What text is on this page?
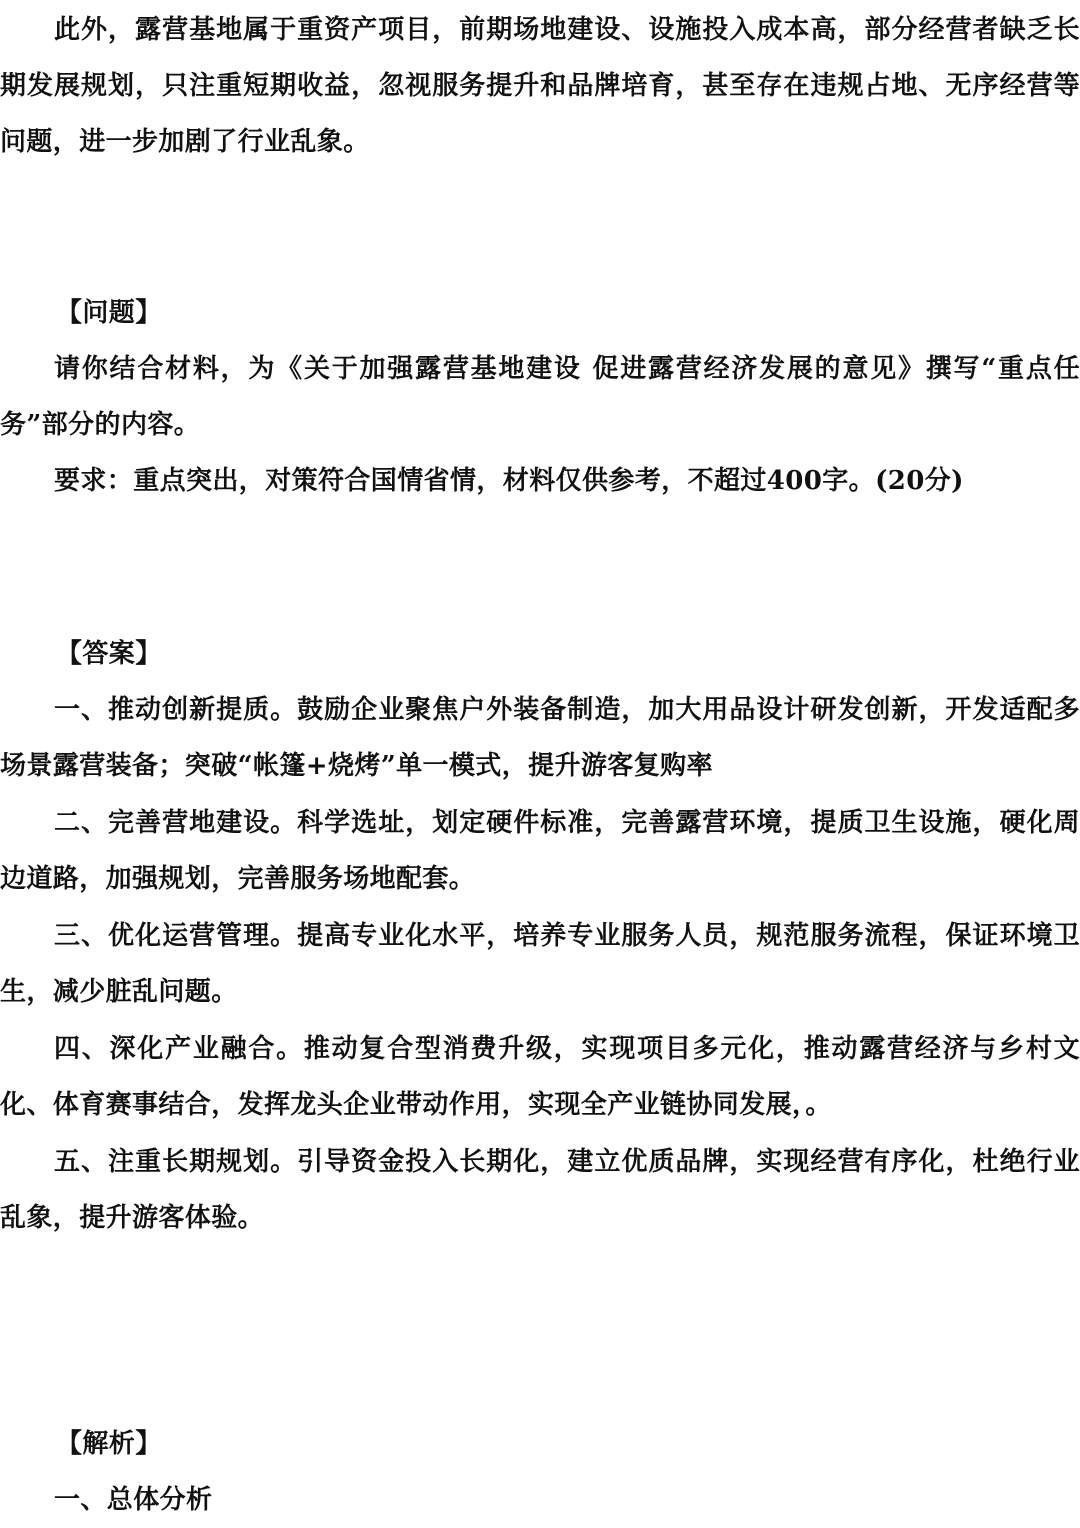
此外，露营基地属于重资产项目，前期场地建设、设施投入成本高，部分经营者缺乏长期发展规划，只注重短期收益，忽视服务提升和品牌培育，甚至存在违规占地、无序经营等问题，进一步加剧了行业乱象。

【问题】

请你结合材料，为《关于加强露营基地建设 促进露营经济发展的意见》撰写“重点任务”部分的内容。

要求：重点突出，对策符合国情省情，材料仅供参考，不超过400字。(20分)

【答案】

一、推动创新提质。鼓励企业聚焦户外装备制造，加大用品设计研发创新，开发适配多场景露营装备；突破“帐篷+烧烤”单一模式，提升游客复购率

二、完善营地建设。科学选址，划定硬件标准，完善露营环境，提质卫生设施，硬化周边道路，加强规划，完善服务场地配套。

三、优化运营管理。提高专业化水平，培养专业服务人员，规范服务流程，保证环境卫生，减少脏乱问题。

四、深化产业融合。推动复合型消费升级，实现项目多元化，推动露营经济与乡村文化、体育赛事结合，发挥龙头企业带动作用，实现全产业链协同发展，。

五、注重长期规划。引导资金投入长期化，建立优质品牌，实现经营有序化，杜绝行业乱象，提升游客体验。

【解析】

一、总体分析
